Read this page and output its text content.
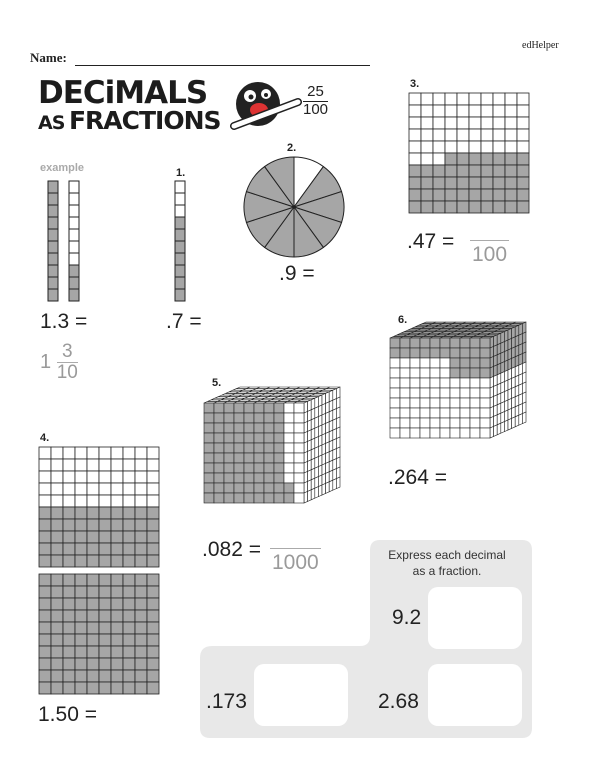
Name:
edHelper
DECiMALS
AS FRACTIONS
$\frac{25}{100}$
example
1.3 =
$1 \frac{3}{10}$
1.
.7 =
2.
.9 =
3.
.47 =
100
4.
1.50 =
5.
.082 =
1000
6.
.264 =
Express each decimal
as a fraction.
9.2
.173	2.68
